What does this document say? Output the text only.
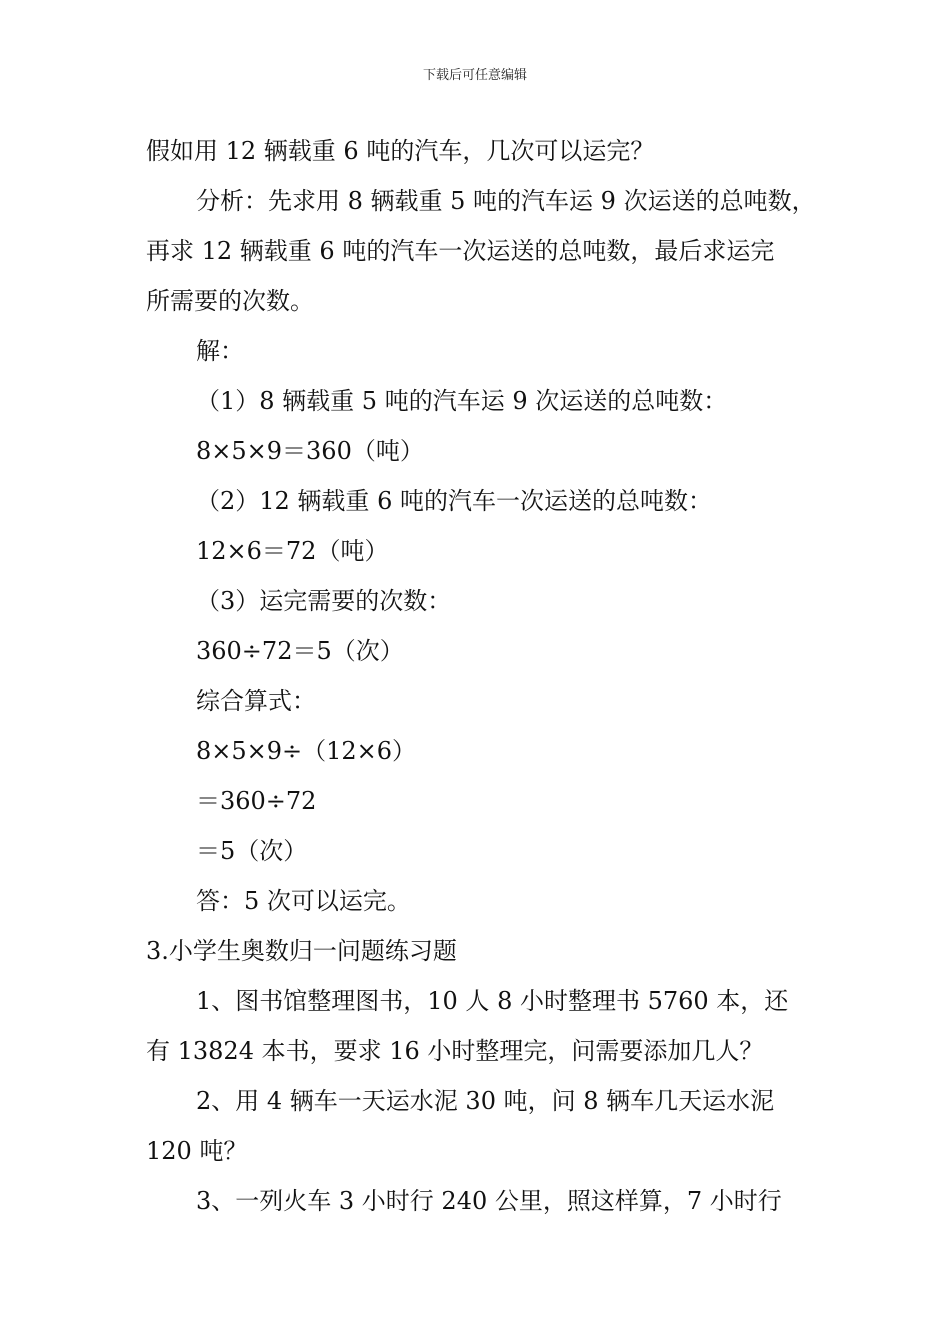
下载后可任意编辑
假如用 12 辆载重 6 吨的汽车，几次可以运完？
分析：先求用 8 辆载重 5 吨的汽车运 9 次运送的总吨数，
再求 12 辆载重 6 吨的汽车一次运送的总吨数，最后求运完
所需要的次数。
解：
（1）8 辆载重 5 吨的汽车运 9 次运送的总吨数：
8×5×9＝360（吨）
（2）12 辆载重 6 吨的汽车一次运送的总吨数：
12×6＝72（吨）
（3）运完需要的次数：
360÷72＝5（次）
综合算式：
8×5×9÷（12×6）
＝360÷72
＝5（次）
答：5 次可以运完。
3.小学生奥数归一问题练习题
1、图书馆整理图书，10 人 8 小时整理书 5760 本，还
有 13824 本书，要求 16 小时整理完，问需要添加几人？
2、用 4 辆车一天运水泥 30 吨，问 8 辆车几天运水泥
120 吨？
3、一列火车 3 小时行 240 公里，照这样算，7 小时行
